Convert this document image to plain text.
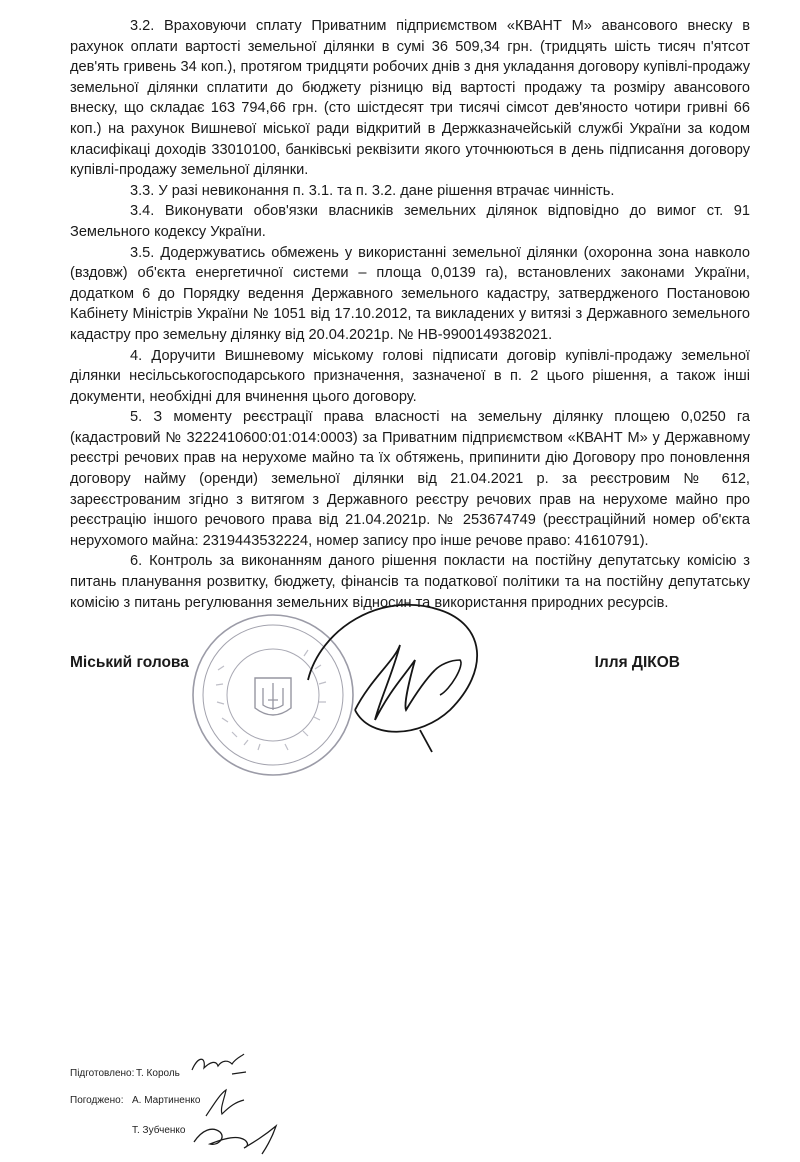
3.2. Враховуючи сплату Приватним підприємством «КВАНТ М» авансового внеску в рахунок оплати вартості земельної ділянки в сумі 36 509,34 грн. (тридцять шість тисяч п'ятсот дев'ять гривень 34 коп.), протягом тридцяти робочих днів з дня укладання договору купівлі-продажу земельної ділянки сплатити до бюджету різницю від вартості продажу та розміру авансового внеску, що складає 163 794,66 грн. (сто шістдесят три тисячі сімсот дев'яносто чотири гривні 66 коп.) на рахунок Вишневої міської ради відкритий в Держказначейській службі України за кодом класифікаці доходів 33010100, банківські реквізити якого уточнюються в день підписання договору купівлі-продажу земельної ділянки.

3.3. У разі невиконання п. 3.1. та п. 3.2. дане рішення втрачає чинність.

3.4. Виконувати обов'язки власників земельних ділянок відповідно до вимог ст. 91 Земельного кодексу України.

3.5. Додержуватись обмежень у використанні земельної ділянки (охоронна зона навколо (вздовж) об'єкта енергетичної системи – площа 0,0139 га), встановлених законами України, додатком 6 до Порядку ведення Державного земельного кадастру, затвердженого Постановою Кабінету Міністрів України № 1051 від 17.10.2012, та викладених у витязі з Державного земельного кадастру про земельну ділянку від 20.04.2021р. № НВ-9900149382021.

4. Доручити Вишневому міському голові підписати договір купівлі-продажу земельної ділянки несільськогосподарського призначення, зазначеної в п. 2 цього рішення, а також інші документи, необхідні для вчинення цього договору.

5. З моменту реєстрації права власності на земельну ділянку площею 0,0250 га (кадастровий № 3222410600:01:014:0003) за Приватним підприємством «КВАНТ М» у Державному реєстрі речових прав на нерухоме майно та їх обтяжень, припинити дію Договору про поновлення договору найму (оренди) земельної ділянки від 21.04.2021 р. за реєстровим № 612, зареєстрованим згідно з витягом з Державного реєстру речових прав на нерухоме майно про реєстрацію іншого речового права від 21.04.2021р. № 253674749 (реєстраційний номер об'єкта нерухомого майна: 2319443532224, номер запису про інше речове право: 41610791).

6. Контроль за виконанням даного рішення покласти на постійну депутатську комісію з питань планування розвитку, бюджету, фінансів та податкової політики та на постійну депутатську комісію з питань регулювання земельних відносин та використання природних ресурсів.

Міський голова	Ілля ДІКОВ
Підготовлено: Т. Король
Погоджено: А. Мартиненко
Т. Зубченко
